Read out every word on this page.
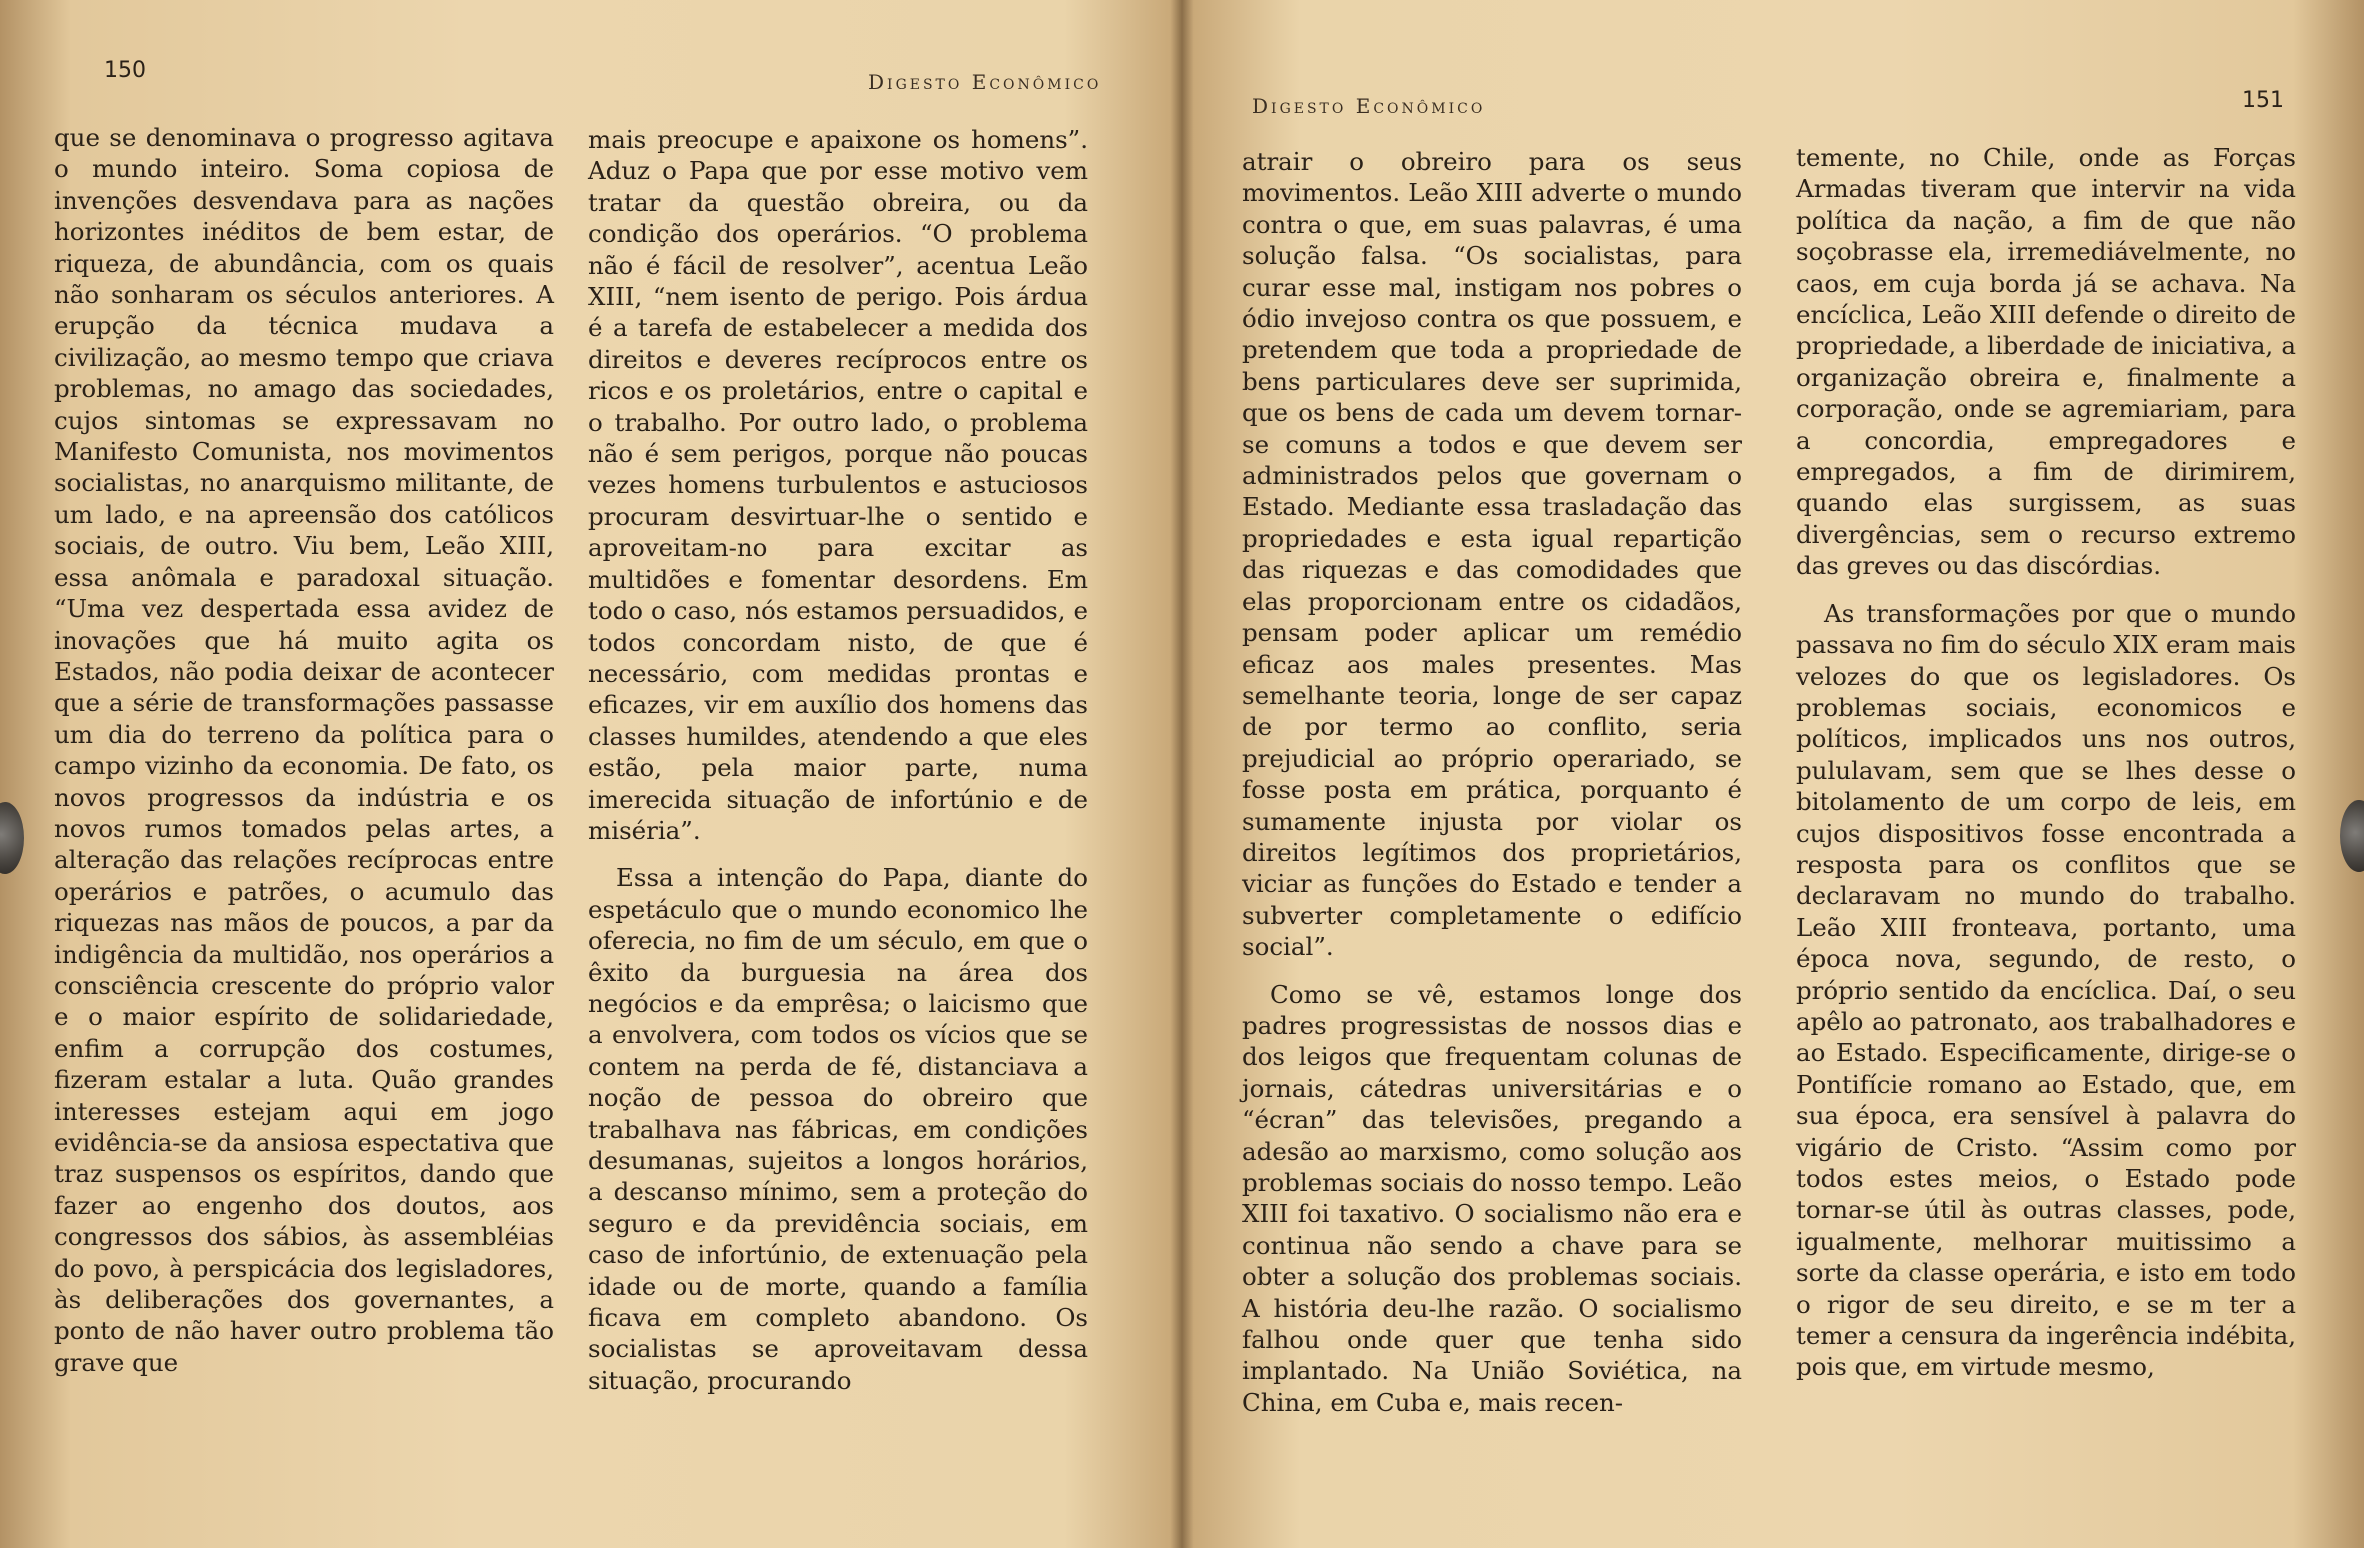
150	Digesto Econômico

que se denominava o progresso agitava o mundo inteiro. Soma copiosa de invenções desvendava para as nações horizontes inéditos de bem estar, de riqueza, de abundância, com os quais não sonharam os séculos anteriores. A erupção da técnica mudava a civilização, ao mesmo tempo que criava problemas, no amago das sociedades, cujos sintomas se expressavam no Manifesto Comunista, nos movimentos socialistas, no anarquismo militante, de um lado, e na apreensão dos católicos sociais, de outro. Viu bem, Leão XIII, essa anômala e paradoxal situação. “Uma vez despertada essa avidez de inovações que há muito agita os Estados, não podia deixar de acontecer que a série de transformações passasse um dia do terreno da política para o campo vizinho da economia. De fato, os novos progressos da indústria e os novos rumos tomados pelas artes, a alteração das relações recíprocas entre operários e patrões, o acumulo das riquezas nas mãos de poucos, a par da indigência da multidão, nos operários a consciência crescente do próprio valor e o maior espírito de solidariedade, enfim a corrupção dos costumes, fizeram estalar a luta. Quão grandes interesses estejam aqui em jogo evidência-se da ansiosa espectativa que traz suspensos os espíritos, dando que fazer ao engenho dos doutos, aos congressos dos sábios, às assembléias do povo, à perspicácia dos legisladores, às deliberações dos governantes, a ponto de não haver outro problema tão grave que

mais preocupe e apaixone os homens”. Aduz o Papa que por esse motivo vem tratar da questão obreira, ou da condição dos operários. “O problema não é fácil de resolver”, acentua Leão XIII, “nem isento de perigo. Pois árdua é a tarefa de estabelecer a medida dos direitos e deveres recíprocos entre os ricos e os proletários, entre o capital e o trabalho. Por outro lado, o problema não é sem perigos, porque não poucas vezes homens turbulentos e astuciosos procuram desvirtuar-lhe o sentido e aproveitam-no para excitar as multidões e fomentar desordens. Em todo o caso, nós estamos persuadidos, e todos concordam nisto, de que é necessário, com medidas prontas e eficazes, vir em auxílio dos homens das classes humildes, atendendo a que eles estão, pela maior parte, numa imerecida situação de infortúnio e de miséria”.

Essa a intenção do Papa, diante do espetáculo que o mundo economico lhe oferecia, no fim de um século, em que o êxito da burguesia na área dos negócios e da emprêsa; o laicismo que a envolvera, com todos os vícios que se contem na perda de fé, distanciava a noção de pessoa do obreiro que trabalhava nas fábricas, em condições desumanas, sujeitos a longos horários, a descanso mínimo, sem a proteção do seguro e da previdência sociais, em caso de infortúnio, de extenuação pela idade ou de morte, quando a família ficava em completo abandono. Os socialistas se aproveitavam dessa situação, procurando

Digesto Econômico	151

atrair o obreiro para os seus movimentos. Leão XIII adverte o mundo contra o que, em suas palavras, é uma solução falsa. “Os socialistas, para curar esse mal, instigam nos pobres o ódio invejoso contra os que possuem, e pretendem que toda a propriedade de bens particulares deve ser suprimida, que os bens de cada um devem tornar-se comuns a todos e que devem ser administrados pelos que governam o Estado. Mediante essa trasladação das propriedades e esta igual repartição das riquezas e das comodidades que elas proporcionam entre os cidadãos, pensam poder aplicar um remédio eficaz aos males presentes. Mas semelhante teoria, longe de ser capaz de por termo ao conflito, seria prejudicial ao próprio operariado, se fosse posta em prática, porquanto é sumamente injusta por violar os direitos legítimos dos proprietários, viciar as funções do Estado e tender a subverter completamente o edifício social”.

Como se vê, estamos longe dos padres progressistas de nossos dias e dos leigos que frequentam colunas de jornais, cátedras universitárias e o “écran” das televisões, pregando a adesão ao marxismo, como solução aos problemas sociais do nosso tempo. Leão XIII foi taxativo. O socialismo não era e continua não sendo a chave para se obter a solução dos problemas sociais. A história deu-lhe razão. O socialismo falhou onde quer que tenha sido implantado. Na União Soviética, na China, em Cuba e, mais recen-

temente, no Chile, onde as Forças Armadas tiveram que intervir na vida política da nação, a fim de que não soçobrasse ela, irremediávelmente, no caos, em cuja borda já se achava. Na encíclica, Leão XIII defende o direito de propriedade, a liberdade de iniciativa, a organização obreira e, finalmente a corporação, onde se agremiariam, para a concordia, empregadores e empregados, a fim de dirimirem, quando elas surgissem, as suas divergências, sem o recurso extremo das greves ou das discórdias.

As transformações por que o mundo passava no fim do século XIX eram mais velozes do que os legisladores. Os problemas sociais, economicos e políticos, implicados uns nos outros, pululavam, sem que se lhes desse o bitolamento de um corpo de leis, em cujos dispositivos fosse encontrada a resposta para os conflitos que se declaravam no mundo do trabalho. Leão XIII fronteava, portanto, uma época nova, segundo, de resto, o próprio sentido da encíclica. Daí, o seu apêlo ao patronato, aos trabalhadores e ao Estado. Especificamente, dirige-se o Pontifície romano ao Estado, que, em sua época, era sensível à palavra do vigário de Cristo. “Assim como por todos estes meios, o Estado pode tornar-se útil às outras classes, pode, igualmente, melhorar muitissimo a sorte da classe operária, e isto em todo o rigor de seu direito, e se m ter a temer a censura da ingerência indébita, pois que, em virtude mesmo,
